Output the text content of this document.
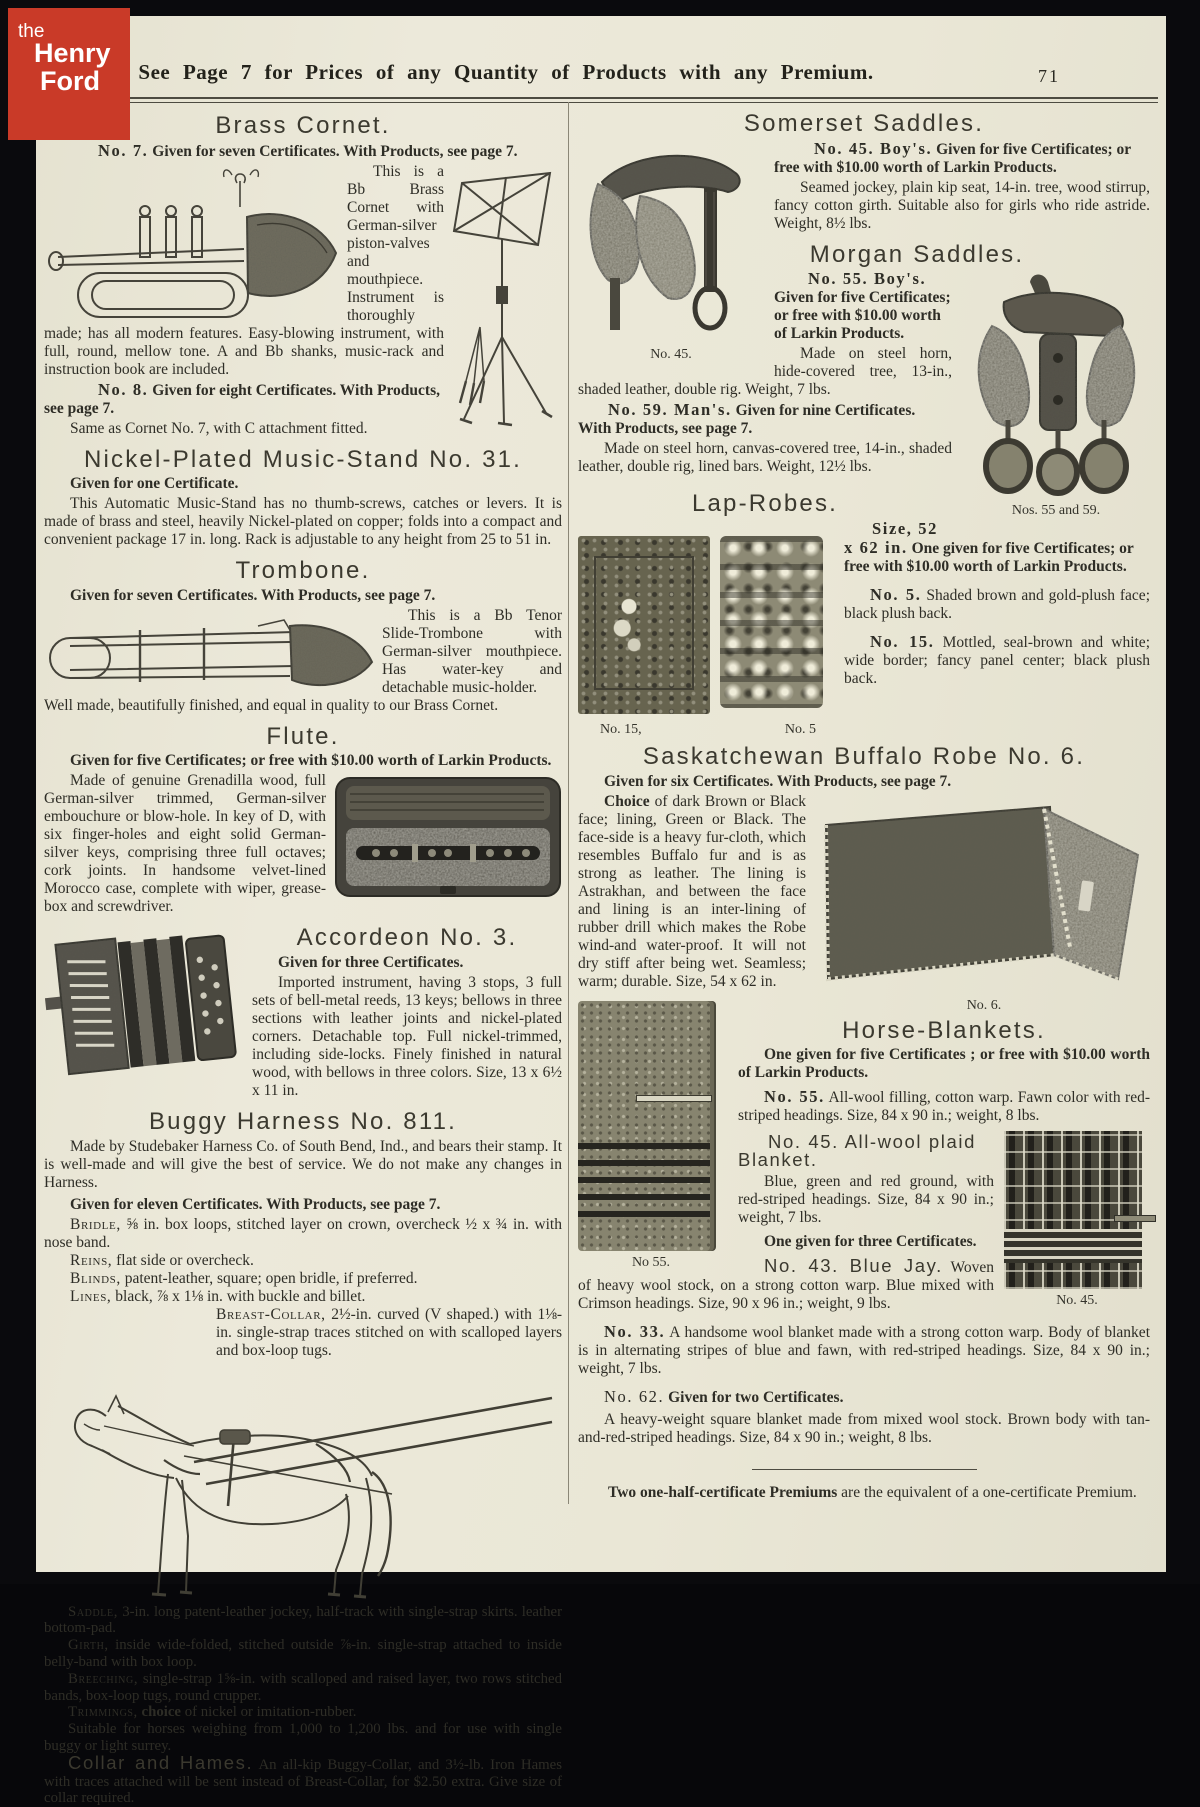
the
Henry
Ford	See Page 7 for Prices of any Quantity of Products with any Premium.	71
Brass Cornet.

No. 7. Given for seven Certificates. With Products, see page 7.

This is a Bb Brass Cornet with German-silver piston-valves and mouthpiece. Instrument is thoroughly made; has all modern features. Easy-blowing instrument, with full, round, mellow tone. A and Bb shanks, music-rack and instruction book are included.

No. 8. Given for eight Certificates. With Products, see page 7.

Same as Cornet No. 7, with C attachment fitted.

Nickel-Plated Music-Stand No. 31.

Given for one Certificate.

This Automatic Music-Stand has no thumb-screws, catches or levers. It is made of brass and steel, heavily Nickel-plated on copper; folds into a compact and convenient package 17 in. long. Rack is adjustable to any height from 25 to 51 in.

Trombone.

Given for seven Certificates. With Products, see page 7.

This is a Bb Tenor Slide-Trombone with German-silver mouthpiece. Has water-key and detachable music-holder.

Well made, beautifully finished, and equal in quality to our Brass Cornet.

Flute.

Given for five Certificates; or free with $10.00 worth of Larkin Products.

Made of genuine Grenadilla wood, full German-silver trimmed, German-silver embouchure or blow-hole. In key of D, with six finger-holes and eight solid German-silver keys, comprising three full octaves; cork joints. In handsome velvet-lined Morocco case, complete with wiper, grease-box and screwdriver.

Accordeon No. 3.

Given for three Certificates.

Imported instrument, having 3 stops, 3 full sets of bell-metal reeds, 13 keys; bellows in three sections with leather joints and nickel-plated corners. Detachable top. Full nickel-trimmed, including side-locks. Finely finished in natural wood, with bellows in three colors. Size, 13 x 6½ x 11 in.

Buggy Harness No. 811.

Made by Studebaker Harness Co. of South Bend, Ind., and bears their stamp. It is well-made and will give the best of service. We do not make any changes in Harness.

Given for eleven Certificates. With Products, see page 7.

Bridle, ⅝ in. box loops, stitched layer on crown, overcheck ½ x ¾ in. with nose band.

Reins, flat side or overcheck.

Blinds, patent-leather, square; open bridle, if preferred.

Lines, black, ⅞ x 1⅛ in. with buckle and billet.

Breast-Collar, 2½-in. curved (V shaped.) with 1⅛-in. single-strap traces stitched on with scalloped layers and box-loop tugs.

Saddle, 3-in. long patent-leather jockey, half-track with single-strap skirts. leather bottom-pad.

Girth, inside wide-folded, stitched outside ⅞-in. single-strap attached to inside belly-band with box loop.

Breeching, single-strap 1⅝-in. with scalloped and raised layer, two rows stitched bands, box-loop tugs, round crupper.

Trimmings, choice of nickel or imitation-rubber.

Suitable for horses weighing from 1,000 to 1,200 lbs. and for use with single buggy or light surrey.

Collar and Hames. An all-kip Buggy-Collar, and 3½-lb. Iron Hames with traces attached will be sent instead of Breast-Collar, for $2.50 extra. Give size of collar required.

Somerset Saddles.
No. 45.

No. 45. Boy's. Given for five Certificates; or free with $10.00 worth of Larkin Products.

Seamed jockey, plain kip seat, 14-in. tree, wood stirrup, fancy cotton girth. Suitable also for girls who ride astride. Weight, 8½ lbs.

Morgan Saddles.
Nos. 55 and 59.

No. 55. Boy's. Given for five Certificates; or free with $10.00 worth of Larkin Products.

Made on steel horn, hide-covered tree, 13-in., shaded leather, double rig. Weight, 7 lbs.

No. 59. Man's. Given for nine Certificates. With Products, see page 7.

Made on steel horn, canvas-covered tree, 14-in., shaded leather, double rig, lined bars. Weight, 12½ lbs.

No. 15,	No. 5
Lap-Robes.

Size, 52 x 62 in. One given for five Certificates; or free with $10.00 worth of Larkin Products.

No. 5. Shaded brown and gold-plush face; black plush back.

No. 15. Mottled, seal-brown and white; wide border; fancy panel center; black plush back.

Saskatchewan Buffalo Robe No. 6.

Given for six Certificates. With Products, see page 7.

No. 6.

Choice of dark Brown or Black face; lining, Green or Black. The face-side is a heavy fur-cloth, which resembles Buffalo fur and is as strong as leather. The lining is Astrakhan, and between the face and lining is an inter-lining of rubber drill which makes the Robe wind-and water-proof. It will not dry stiff after being wet. Seamless; warm; durable. Size, 54 x 62 in.

No 55.
Horse-Blankets.

One given for five Certificates ; or free with $10.00 worth of Larkin Products.

No. 55. All-wool filling, cotton warp. Fawn color with red-striped headings. Size, 84 x 90 in.; weight, 8 lbs.

No. 45.

No. 45. All-wool plaid Blanket.

Blue, green and red ground, with red-striped headings. Size, 84 x 90 in.; weight, 7 lbs.

One given for three Certificates.

No. 43. Blue Jay. Woven of heavy wool stock, on a strong cotton warp. Blue mixed with Crimson headings. Size, 90 x 96 in.; weight, 9 lbs.

No. 33. A handsome wool blanket made with a strong cotton warp. Body of blanket is in alternating stripes of blue and fawn, with red-striped headings. Size, 84 x 90 in.; weight, 7 lbs.

No. 62. Given for two Certificates.

A heavy-weight square blanket made from mixed wool stock. Brown body with tan-and-red-striped headings. Size, 84 x 90 in.; weight, 8 lbs.

Two one-half-certificate Premiums are the equivalent of a one-certificate Premium.
